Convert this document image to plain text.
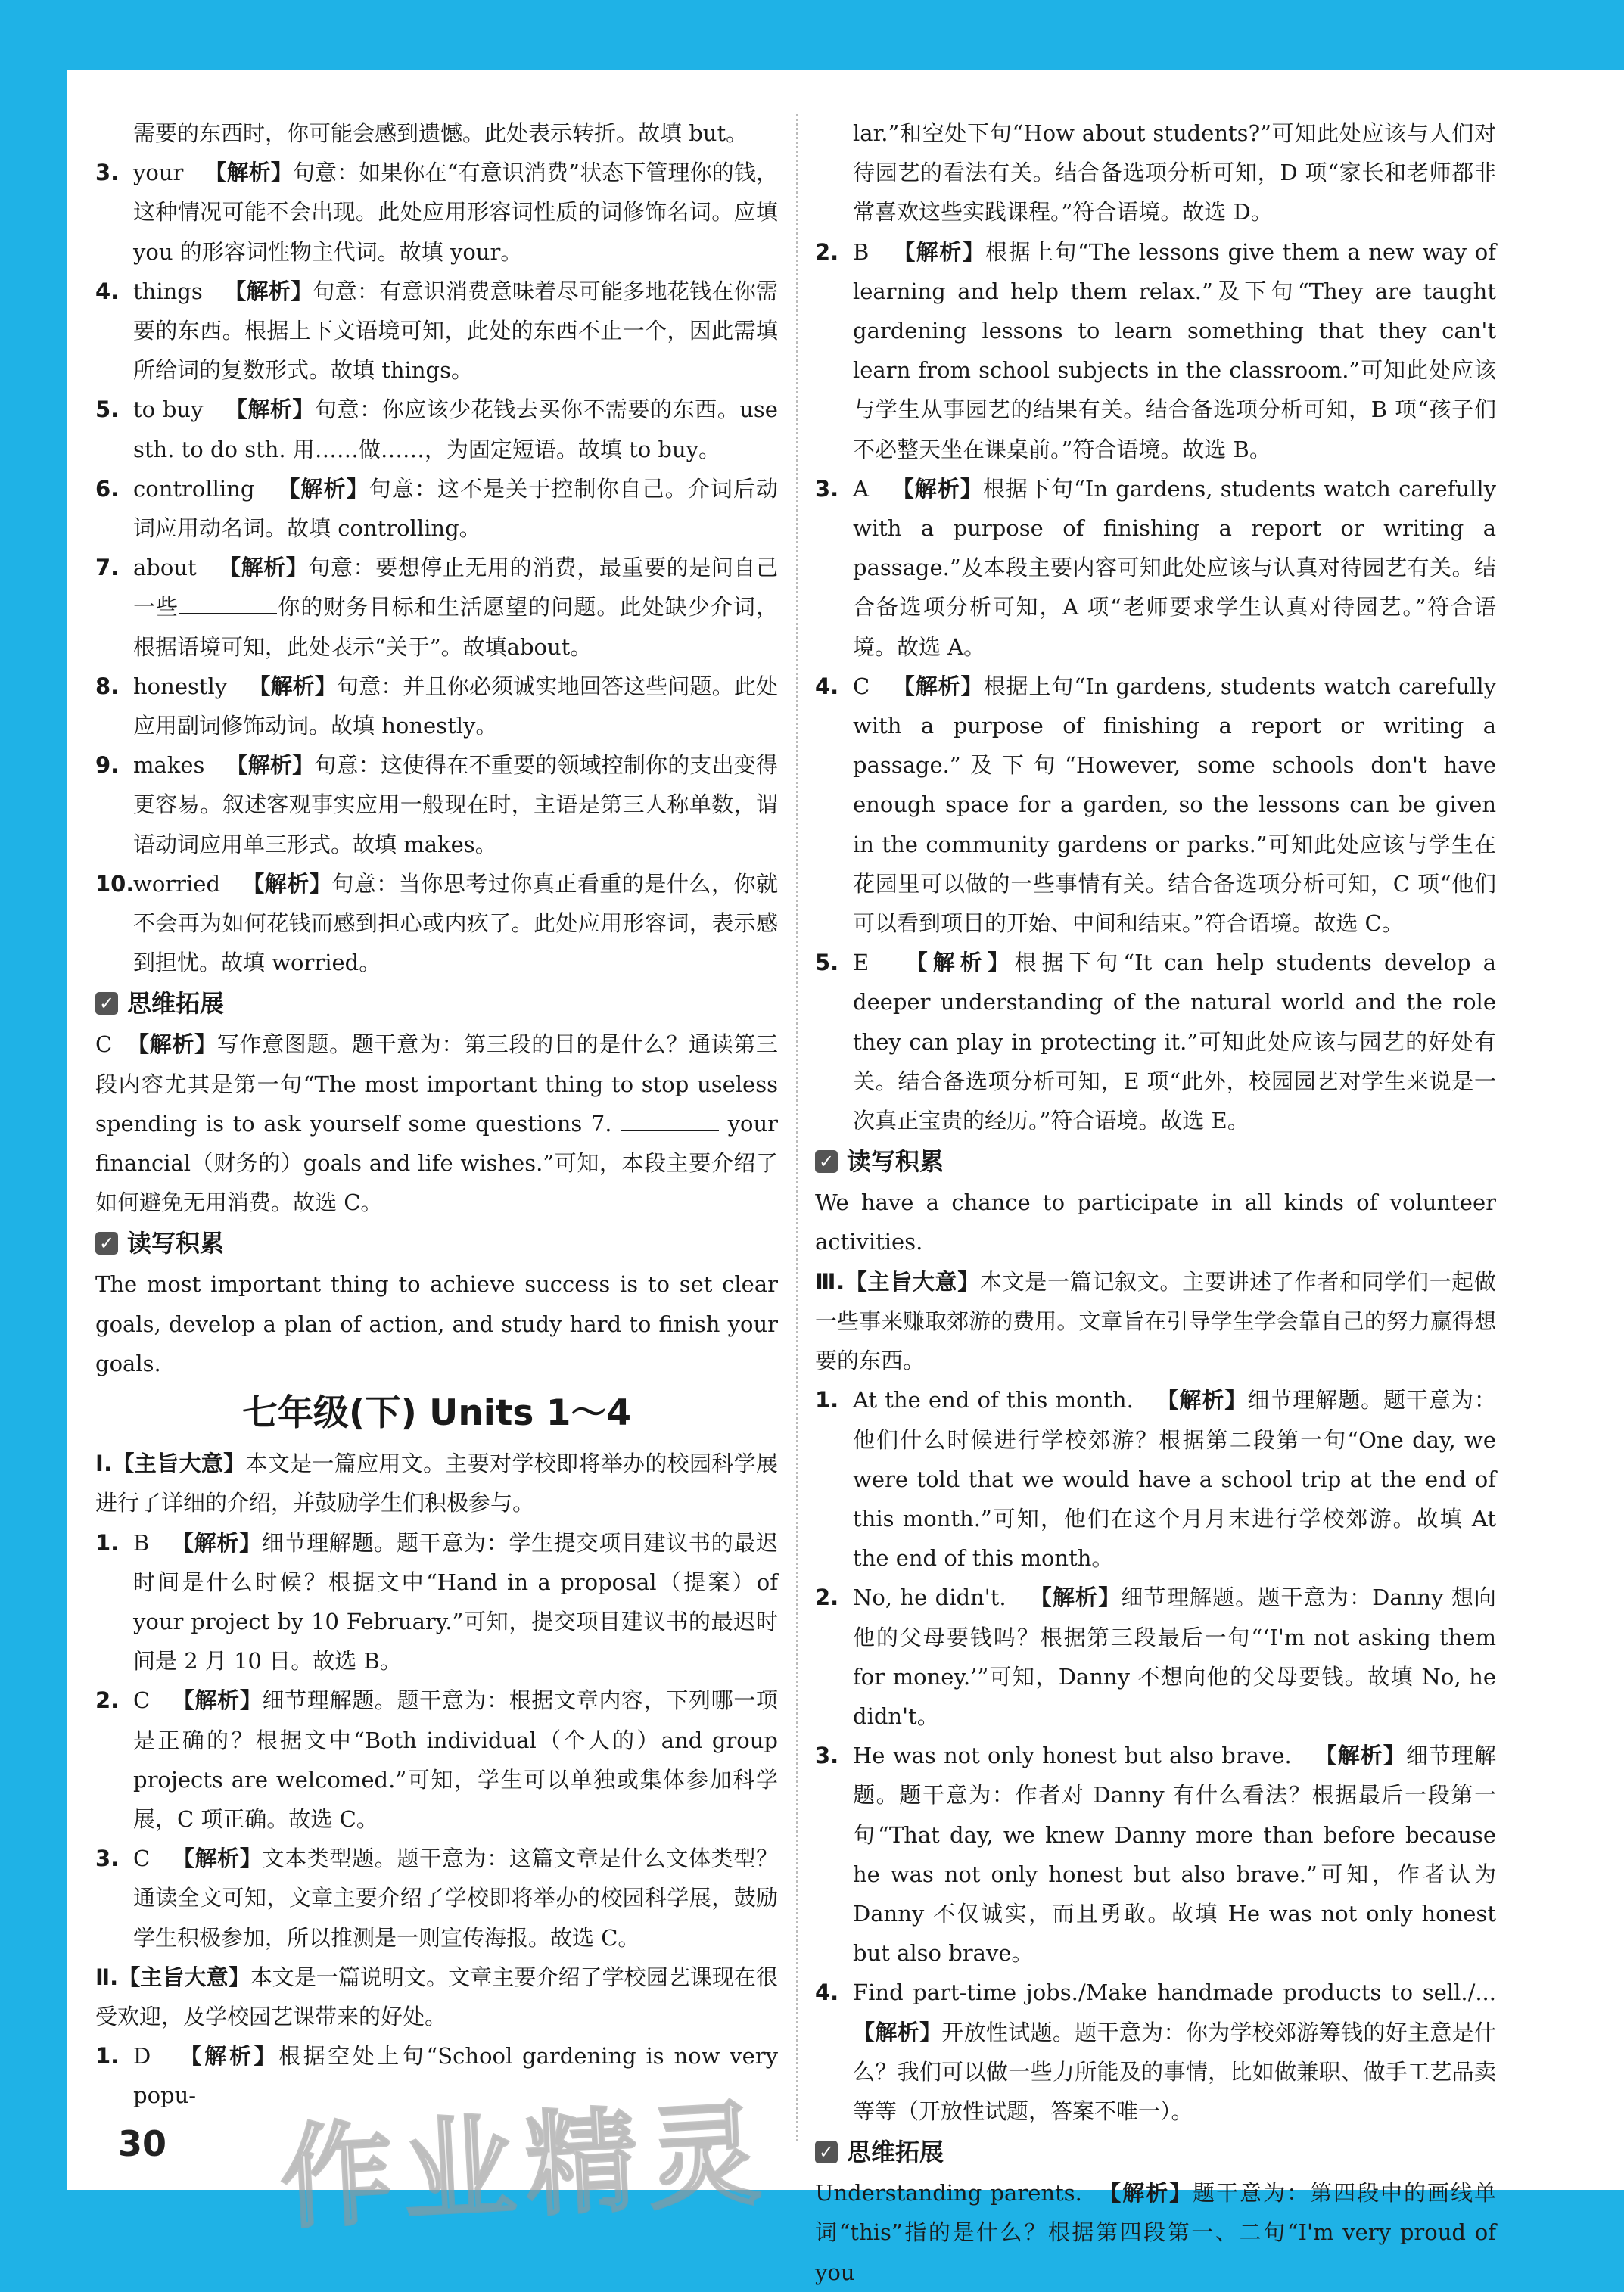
需要的东西时，你可能会感到遗憾。此处表示转折。故填 but。
3. your 【解析】句意：如果你在“有意识消费”状态下管理你的钱，这种情况可能不会出现。此处应用形容词性质的词修饰名词。应填 you 的形容词性物主代词。故填 your。
4. things 【解析】句意：有意识消费意味着尽可能多地花钱在你需要的东西。根据上下文语境可知，此处的东西不止一个，因此需填所给词的复数形式。故填 things。
5. to buy 【解析】句意：你应该少花钱去买你不需要的东西。use sth. to do sth. 用……做……，为固定短语。故填 to buy。
6. controlling 【解析】句意：这不是关于控制你自己。介词后动词应用动名词。故填 controlling。
7. about 【解析】句意：要想停止无用的消费，最重要的是问自己一些	你的财务目标和生活愿望的问题。此处缺少介词，根据语境可知，此处表示“关于”。故填about。
8. honestly 【解析】句意：并且你必须诚实地回答这些问题。此处应用副词修饰动词。故填 honestly。
9. makes 【解析】句意：这使得在不重要的领域控制你的支出变得更容易。叙述客观事实应用一般现在时，主语是第三人称单数，谓语动词应用单三形式。故填 makes。
10.
worried 【解析】句意：当你思考过你真正看重的是什么，你就不会再为如何花钱而感到担心或内疚了。此处应用形容词，表示感到担忧。故填 worried。
✓ 思维拓展
C 【解析】写作意图题。题干意为：第三段的目的是什么？通读第三段内容尤其是第一句“The most important thing to stop useless spending is to ask yourself some questions 7.	your financial（财务的）goals and life wishes.”可知，本段主要介绍了如何避免无用消费。故选 C。
✓ 读写积累
The most important thing to achieve success is to set clear goals, develop a plan of action, and study hard to finish your goals.
七年级(下) Units 1～4
Ⅰ.【主旨大意】本文是一篇应用文。主要对学校即将举办的校园科学展进行了详细的介绍，并鼓励学生们积极参与。
1. B 【解析】细节理解题。题干意为：学生提交项目建议书的最迟时间是什么时候？根据文中“Hand in a proposal（提案）of your project by 10 February.”可知，提交项目建议书的最迟时间是 2 月 10 日。故选 B。
2. C 【解析】细节理解题。题干意为：根据文章内容，下列哪一项是正确的？根据文中“Both individual（个人的）and group projects are welcomed.”可知，学生可以单独或集体参加科学展，C 项正确。故选 C。
3. C 【解析】文本类型题。题干意为：这篇文章是什么文体类型？通读全文可知，文章主要介绍了学校即将举办的校园科学展，鼓励学生积极参加，所以推测是一则宣传海报。故选 C。
Ⅱ.【主旨大意】本文是一篇说明文。文章主要介绍了学校园艺课现在很受欢迎，及学校园艺课带来的好处。
1. D 【解析】根据空处上句“School gardening is now very popu-
lar.”和空处下句“How about students?”可知此处应该与人们对待园艺的看法有关。结合备选项分析可知，D 项“家长和老师都非常喜欢这些实践课程。”符合语境。故选 D。
2. B 【解析】根据上句“The lessons give them a new way of learning and help them relax.”及下句“They are taught gardening lessons to learn something that they can't learn from school subjects in the classroom.”可知此处应该与学生从事园艺的结果有关。结合备选项分析可知，B 项“孩子们不必整天坐在课桌前。”符合语境。故选 B。
3. A 【解析】根据下句“In gardens, students watch carefully with a purpose of finishing a report or writing a passage.”及本段主要内容可知此处应该与认真对待园艺有关。结合备选项分析可知，A 项“老师要求学生认真对待园艺。”符合语境。故选 A。
4. C 【解析】根据上句“In gardens, students watch carefully with a purpose of finishing a report or writing a passage.”及下句“However, some schools don't have enough space for a garden, so the lessons can be given in the community gardens or parks.”可知此处应该与学生在花园里可以做的一些事情有关。结合备选项分析可知，C 项“他们可以看到项目的开始、中间和结束。”符合语境。故选 C。
5. E 【解析】根据下句“It can help students develop a deeper understanding of the natural world and the role they can play in protecting it.”可知此处应该与园艺的好处有关。结合备选项分析可知，E 项“此外，校园园艺对学生来说是一次真正宝贵的经历。”符合语境。故选 E。
✓ 读写积累
We have a chance to participate in all kinds of volunteer activities.
Ⅲ.【主旨大意】本文是一篇记叙文。主要讲述了作者和同学们一起做一些事来赚取郊游的费用。文章旨在引导学生学会靠自己的努力赢得想要的东西。
1. At the end of this month. 【解析】细节理解题。题干意为：他们什么时候进行学校郊游？根据第二段第一句“One day, we were told that we would have a school trip at the end of this month.”可知，他们在这个月月末进行学校郊游。故填 At the end of this month。
2. No, he didn't. 【解析】细节理解题。题干意为：Danny 想向他的父母要钱吗？根据第三段最后一句“‘I'm not asking them for money.’”可知，Danny 不想向他的父母要钱。故填 No, he didn't。
3. He was not only honest but also brave. 【解析】细节理解题。题干意为：作者对 Danny 有什么看法？根据最后一段第一句“That day, we knew Danny more than before because he was not only honest but also brave.”可知，作者认为 Danny 不仅诚实，而且勇敢。故填 He was not only honest but also brave。
4. Find part-time jobs./Make handmade products to sell./... 【解析】开放性试题。题干意为：你为学校郊游筹钱的好主意是什么？我们可以做一些力所能及的事情，比如做兼职、做手工艺品卖等等（开放性试题，答案不唯一）。
✓ 思维拓展
Understanding parents. 【解析】题干意为：第四段中的画线单词“this”指的是什么？根据第四段第一、二句“I'm very proud of you
30 作业精灵
